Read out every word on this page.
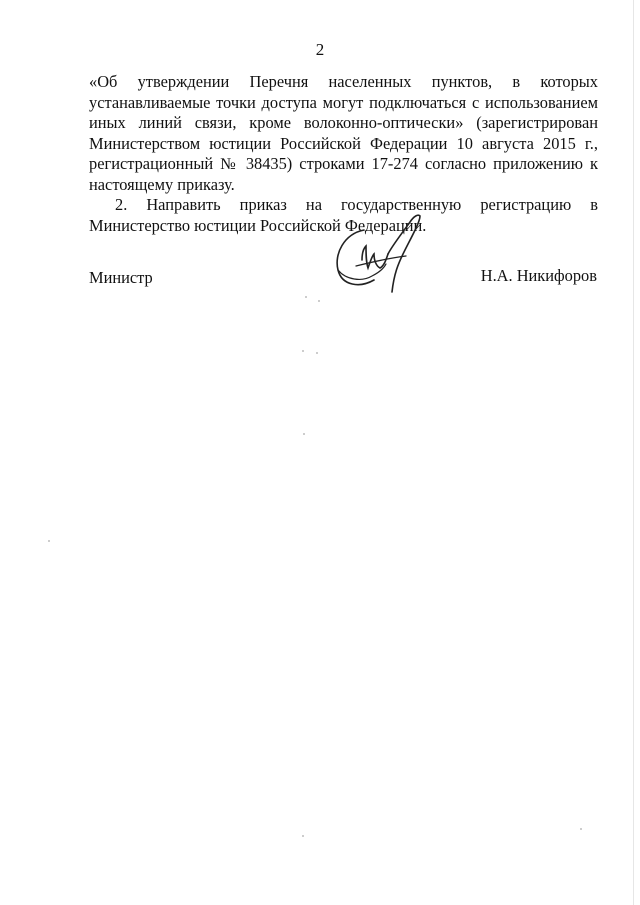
2

«Об утверждении Перечня населенных пунктов, в которых устанавливаемые точки доступа могут подключаться с использованием иных линий связи, кроме волоконно-оптически» (зарегистрирован Министерством юстиции Российской Федерации 10 августа 2015 г., регистрационный № 38435) строками 17-274 согласно приложению к настоящему приказу.

2. Направить приказ на государственную регистрацию в Министерство юстиции Российской Федерации.

Министр	Н.А. Никифоров
